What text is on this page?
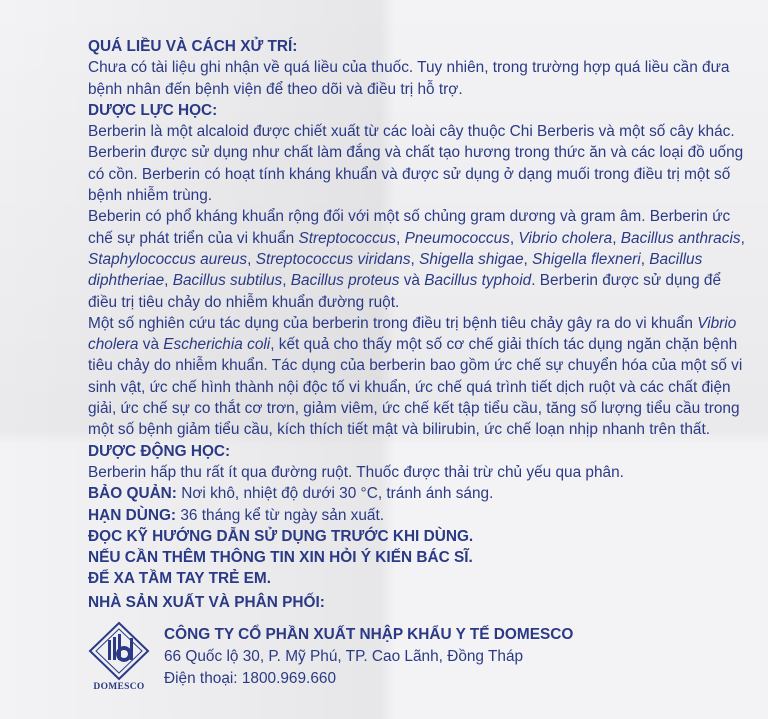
QUÁ LIỀU VÀ CÁCH XỬ TRÍ:

Chưa có tài liệu ghi nhận về quá liều của thuốc. Tuy nhiên, trong trường hợp quá liều cần đưa bệnh nhân đến bệnh viện để theo dõi và điều trị hỗ trợ.

DƯỢC LỰC HỌC:

Berberin là một alcaloid được chiết xuất từ các loài cây thuộc Chi Berberis và một số cây khác. Berberin được sử dụng như chất làm đắng và chất tạo hương trong thức ăn và các loại đồ uống có cồn. Berberin có hoạt tính kháng khuẩn và được sử dụng ở dạng muối trong điều trị một số bệnh nhiễm trùng.

Beberin có phổ kháng khuẩn rộng đối với một số chủng gram dương và gram âm. Berberin ức chế sự phát triển của vi khuẩn Streptococcus, Pneumococcus, Vibrio cholera, Bacillus anthracis, Staphylococcus aureus, Streptococcus viridans, Shigella shigae, Shigella flexneri, Bacillus diphtheriae, Bacillus subtilus, Bacillus proteus và Bacillus typhoid. Berberin được sử dụng để điều trị tiêu chảy do nhiễm khuẩn đường ruột.

Một số nghiên cứu tác dụng của berberin trong điều trị bệnh tiêu chảy gây ra do vi khuẩn Vibrio cholera và Escherichia coli, kết quả cho thấy một số cơ chế giải thích tác dụng ngăn chặn bệnh tiêu chảy do nhiễm khuẩn. Tác dụng của berberin bao gồm ức chế sự chuyển hóa của một số vi sinh vật, ức chế hình thành nội độc tố vi khuẩn, ức chế quá trình tiết dịch ruột và các chất điện giải, ức chế sự co thắt cơ trơn, giảm viêm, ức chế kết tập tiểu cầu, tăng số lượng tiểu cầu trong một số bệnh giảm tiểu cầu, kích thích tiết mật và bilirubin, ức chế loạn nhịp nhanh trên thất.

DƯỢC ĐỘNG HỌC:

Berberin hấp thu rất ít qua đường ruột. Thuốc được thải trừ chủ yếu qua phân.

BẢO QUẢN: Nơi khô, nhiệt độ dưới 30 °C, tránh ánh sáng.

HẠN DÙNG: 36 tháng kể từ ngày sản xuất.

ĐỌC KỸ HƯỚNG DẪN SỬ DỤNG TRƯỚC KHI DÙNG.
NẾU CẦN THÊM THÔNG TIN XIN HỎI Ý KIẾN BÁC SĨ.
ĐỂ XA TẦM TAY TRẺ EM.
NHÀ SẢN XUẤT VÀ PHÂN PHỐI:
DOMESCO
CÔNG TY CỔ PHẦN XUẤT NHẬP KHẨU Y TẾ DOMESCO
66 Quốc lộ 30, P. Mỹ Phú, TP. Cao Lãnh, Đồng Tháp
Điện thoại: 1800.969.660
